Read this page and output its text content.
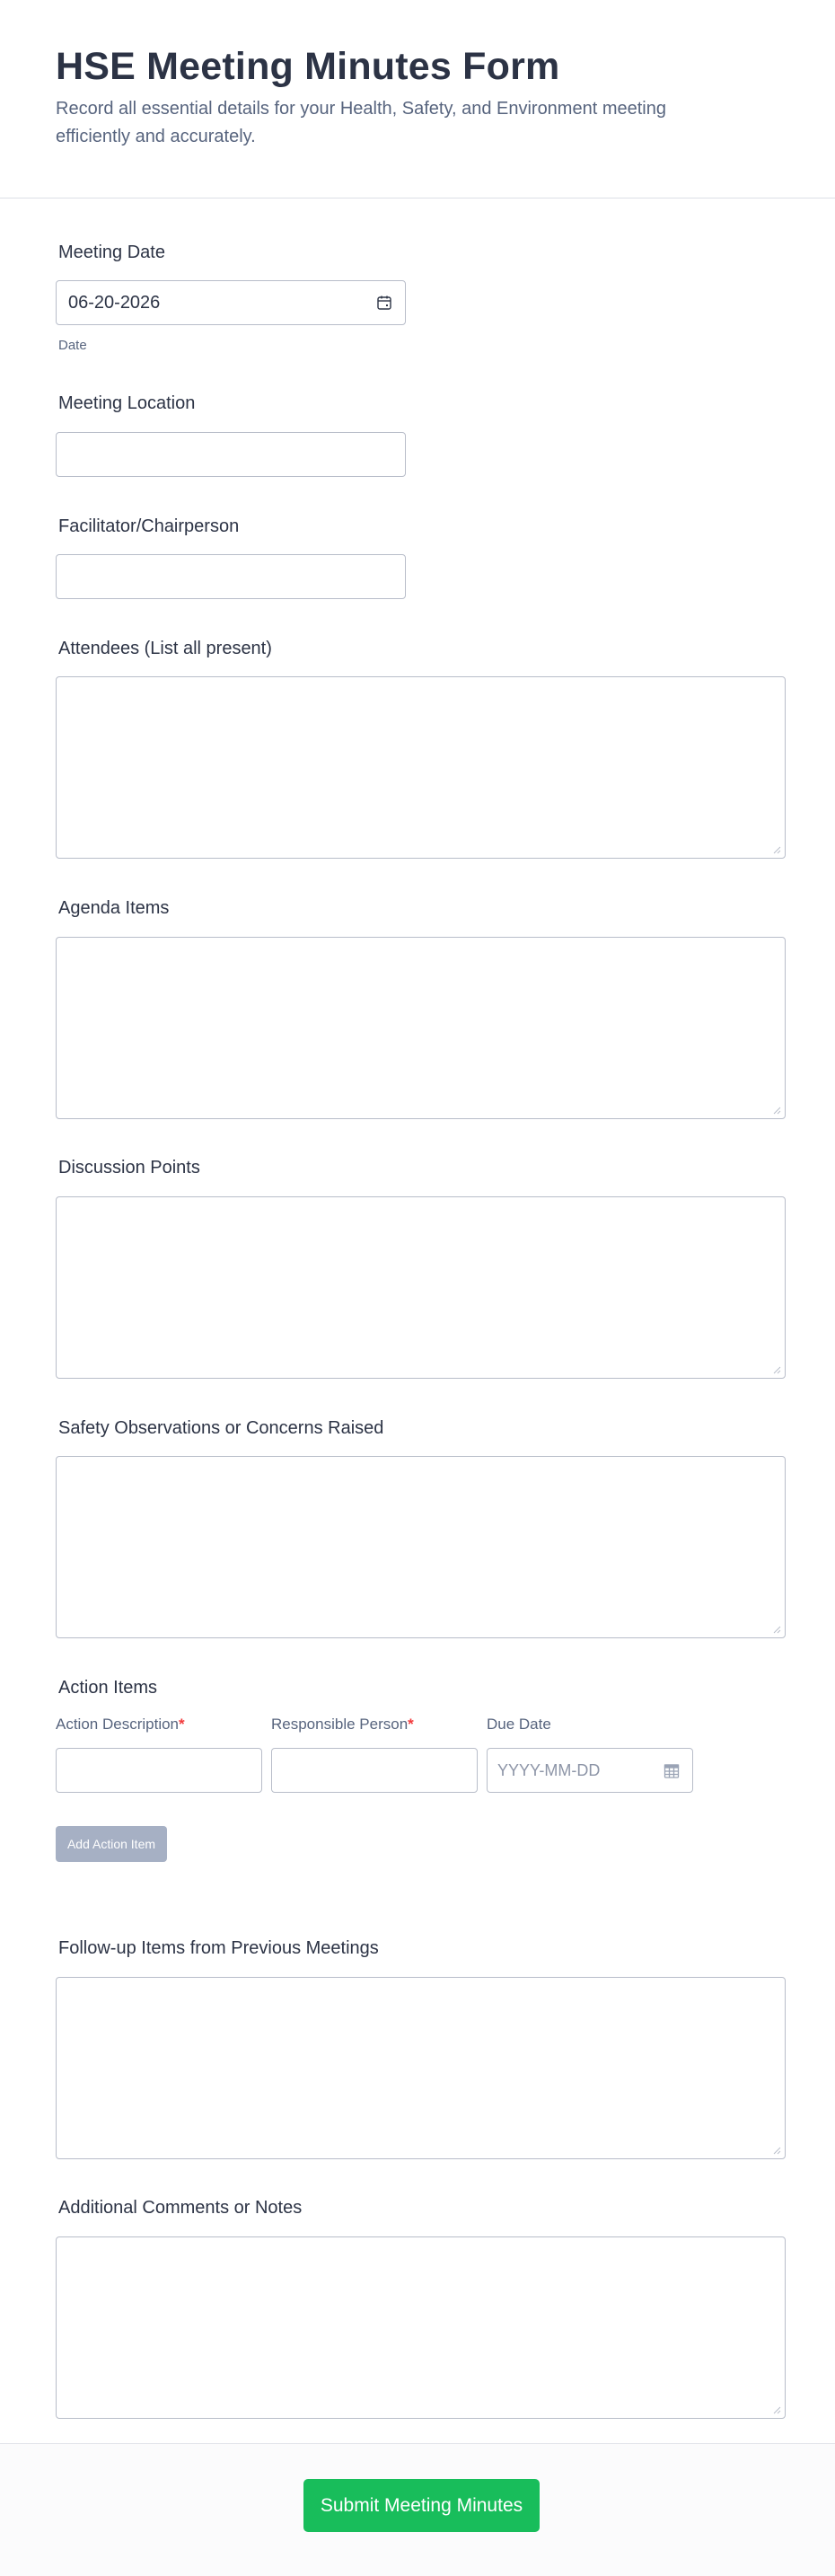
HSE Meeting Minutes Form

Record all essential details for your Health, Safety, and Environment meeting efficiently and accurately.

Meeting Date
06-20-2026
Date
Meeting Location
Facilitator/Chairperson
Attendees (List all present)
Agenda Items
Discussion Points
Safety Observations or Concerns Raised
Action Items
Action Description*	Responsible Person*	Due Date
YYYY-MM-DD
Add Action Item
Follow-up Items from Previous Meetings
Additional Comments or Notes
Submit Meeting Minutes
